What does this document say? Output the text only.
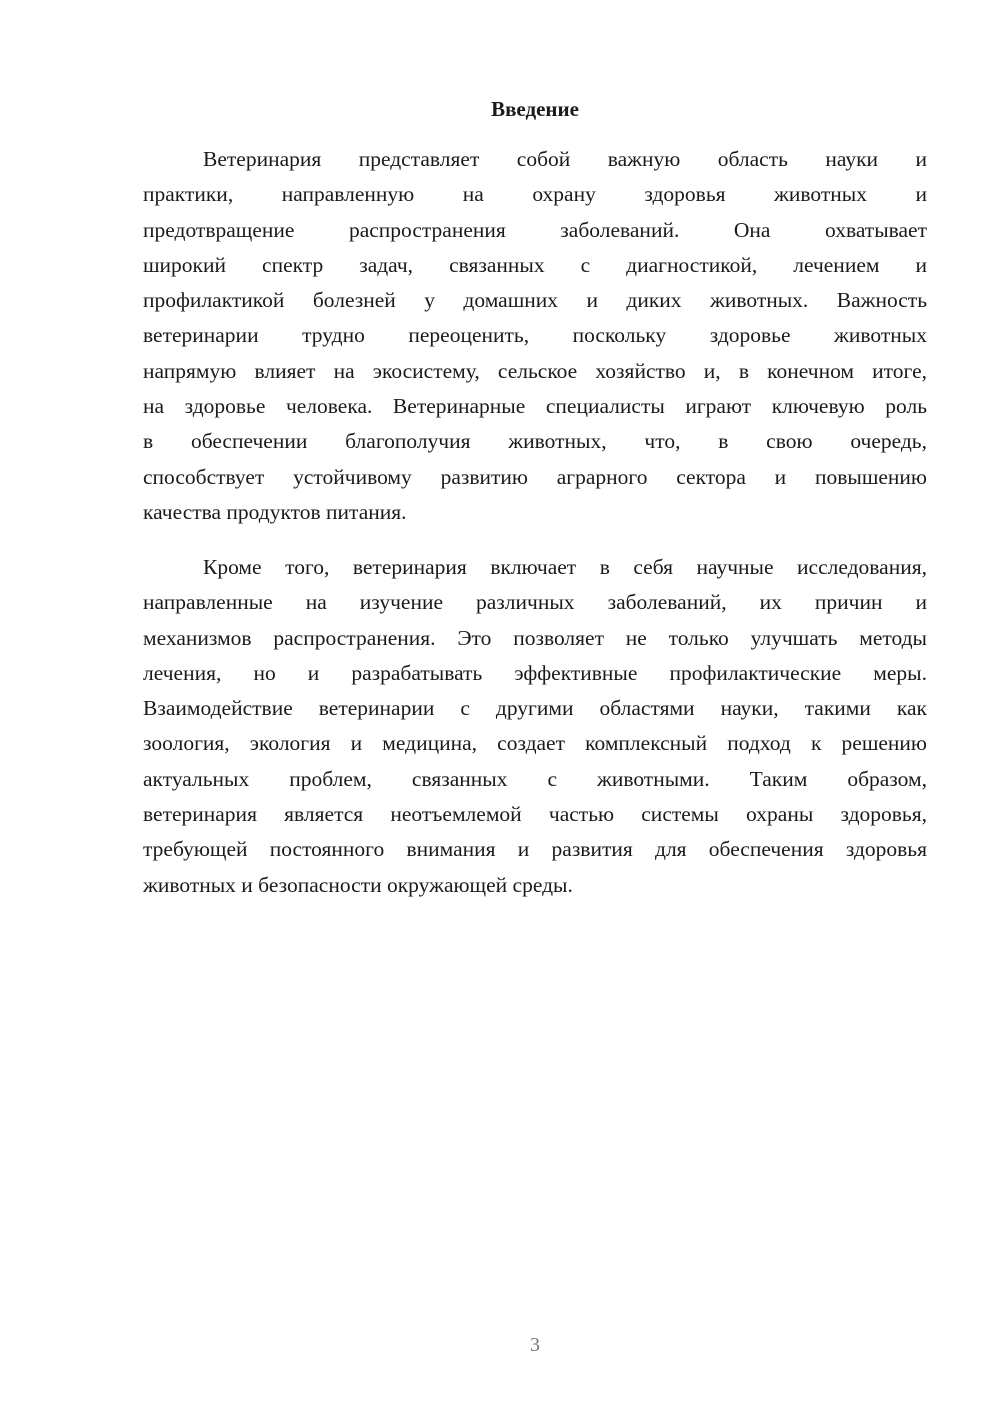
Введение
Ветеринария представляет собой важную область науки и
практики, направленную на охрану здоровья животных и
предотвращение распространения заболеваний. Она охватывает
широкий спектр задач, связанных с диагностикой, лечением и
профилактикой болезней у домашних и диких животных. Важность
ветеринарии трудно переоценить, поскольку здоровье животных
напрямую влияет на экосистему, сельское хозяйство и, в конечном итоге,
на здоровье человека. Ветеринарные специалисты играют ключевую роль
в обеспечении благополучия животных, что, в свою очередь,
способствует устойчивому развитию аграрного сектора и повышению
качества продуктов питания.
Кроме того, ветеринария включает в себя научные исследования,
направленные на изучение различных заболеваний, их причин и
механизмов распространения. Это позволяет не только улучшать методы
лечения, но и разрабатывать эффективные профилактические меры.
Взаимодействие ветеринарии с другими областями науки, такими как
зоология, экология и медицина, создает комплексный подход к решению
актуальных проблем, связанных с животными. Таким образом,
ветеринария является неотъемлемой частью системы охраны здоровья,
требующей постоянного внимания и развития для обеспечения здоровья
животных и безопасности окружающей среды.
3
